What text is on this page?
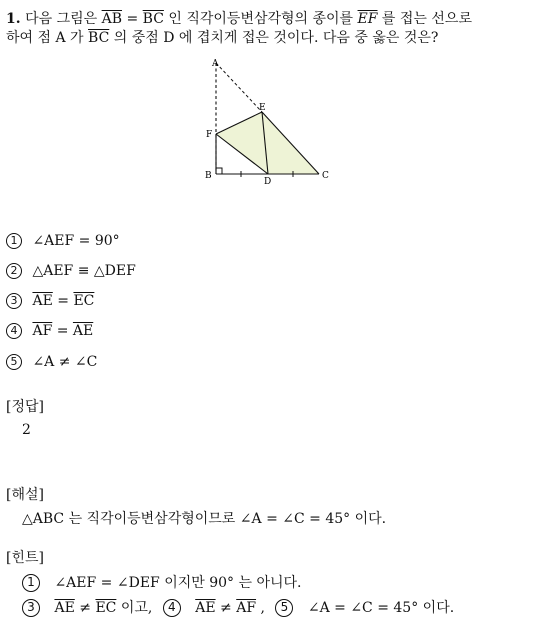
1. 다음 그림은 $\overline{AB} = \overline{BC}$ 인 직각이등변삼각형의 종이를 $\overline{EF}$ 를 접는 선으로
하여 점 A 가 $\overline{BC}$ 의 중점 D 에 겹치게 접은 것이다. 다음 중 옳은 것은?
A
E
F
B
D
C
1 ∠AEF = 90°
2 △AEF ≡ △DEF
3 $\overline{AE} = \overline{EC}$
4 $\overline{AF} = \overline{AE}$
5 ∠A ≠ ∠C
[정답]
2
[해설]
△ABC 는 직각이등변삼각형이므로 ∠A = ∠C = 45° 이다.
[힌트]
1 ∠AEF = ∠DEF 이지만 90° 는 아니다.
3 $\overline{AE} \ne \overline{EC}$ 이고, 4 $\overline{AE} \ne \overline{AF}$ , 5 ∠A = ∠C = 45° 이다.
